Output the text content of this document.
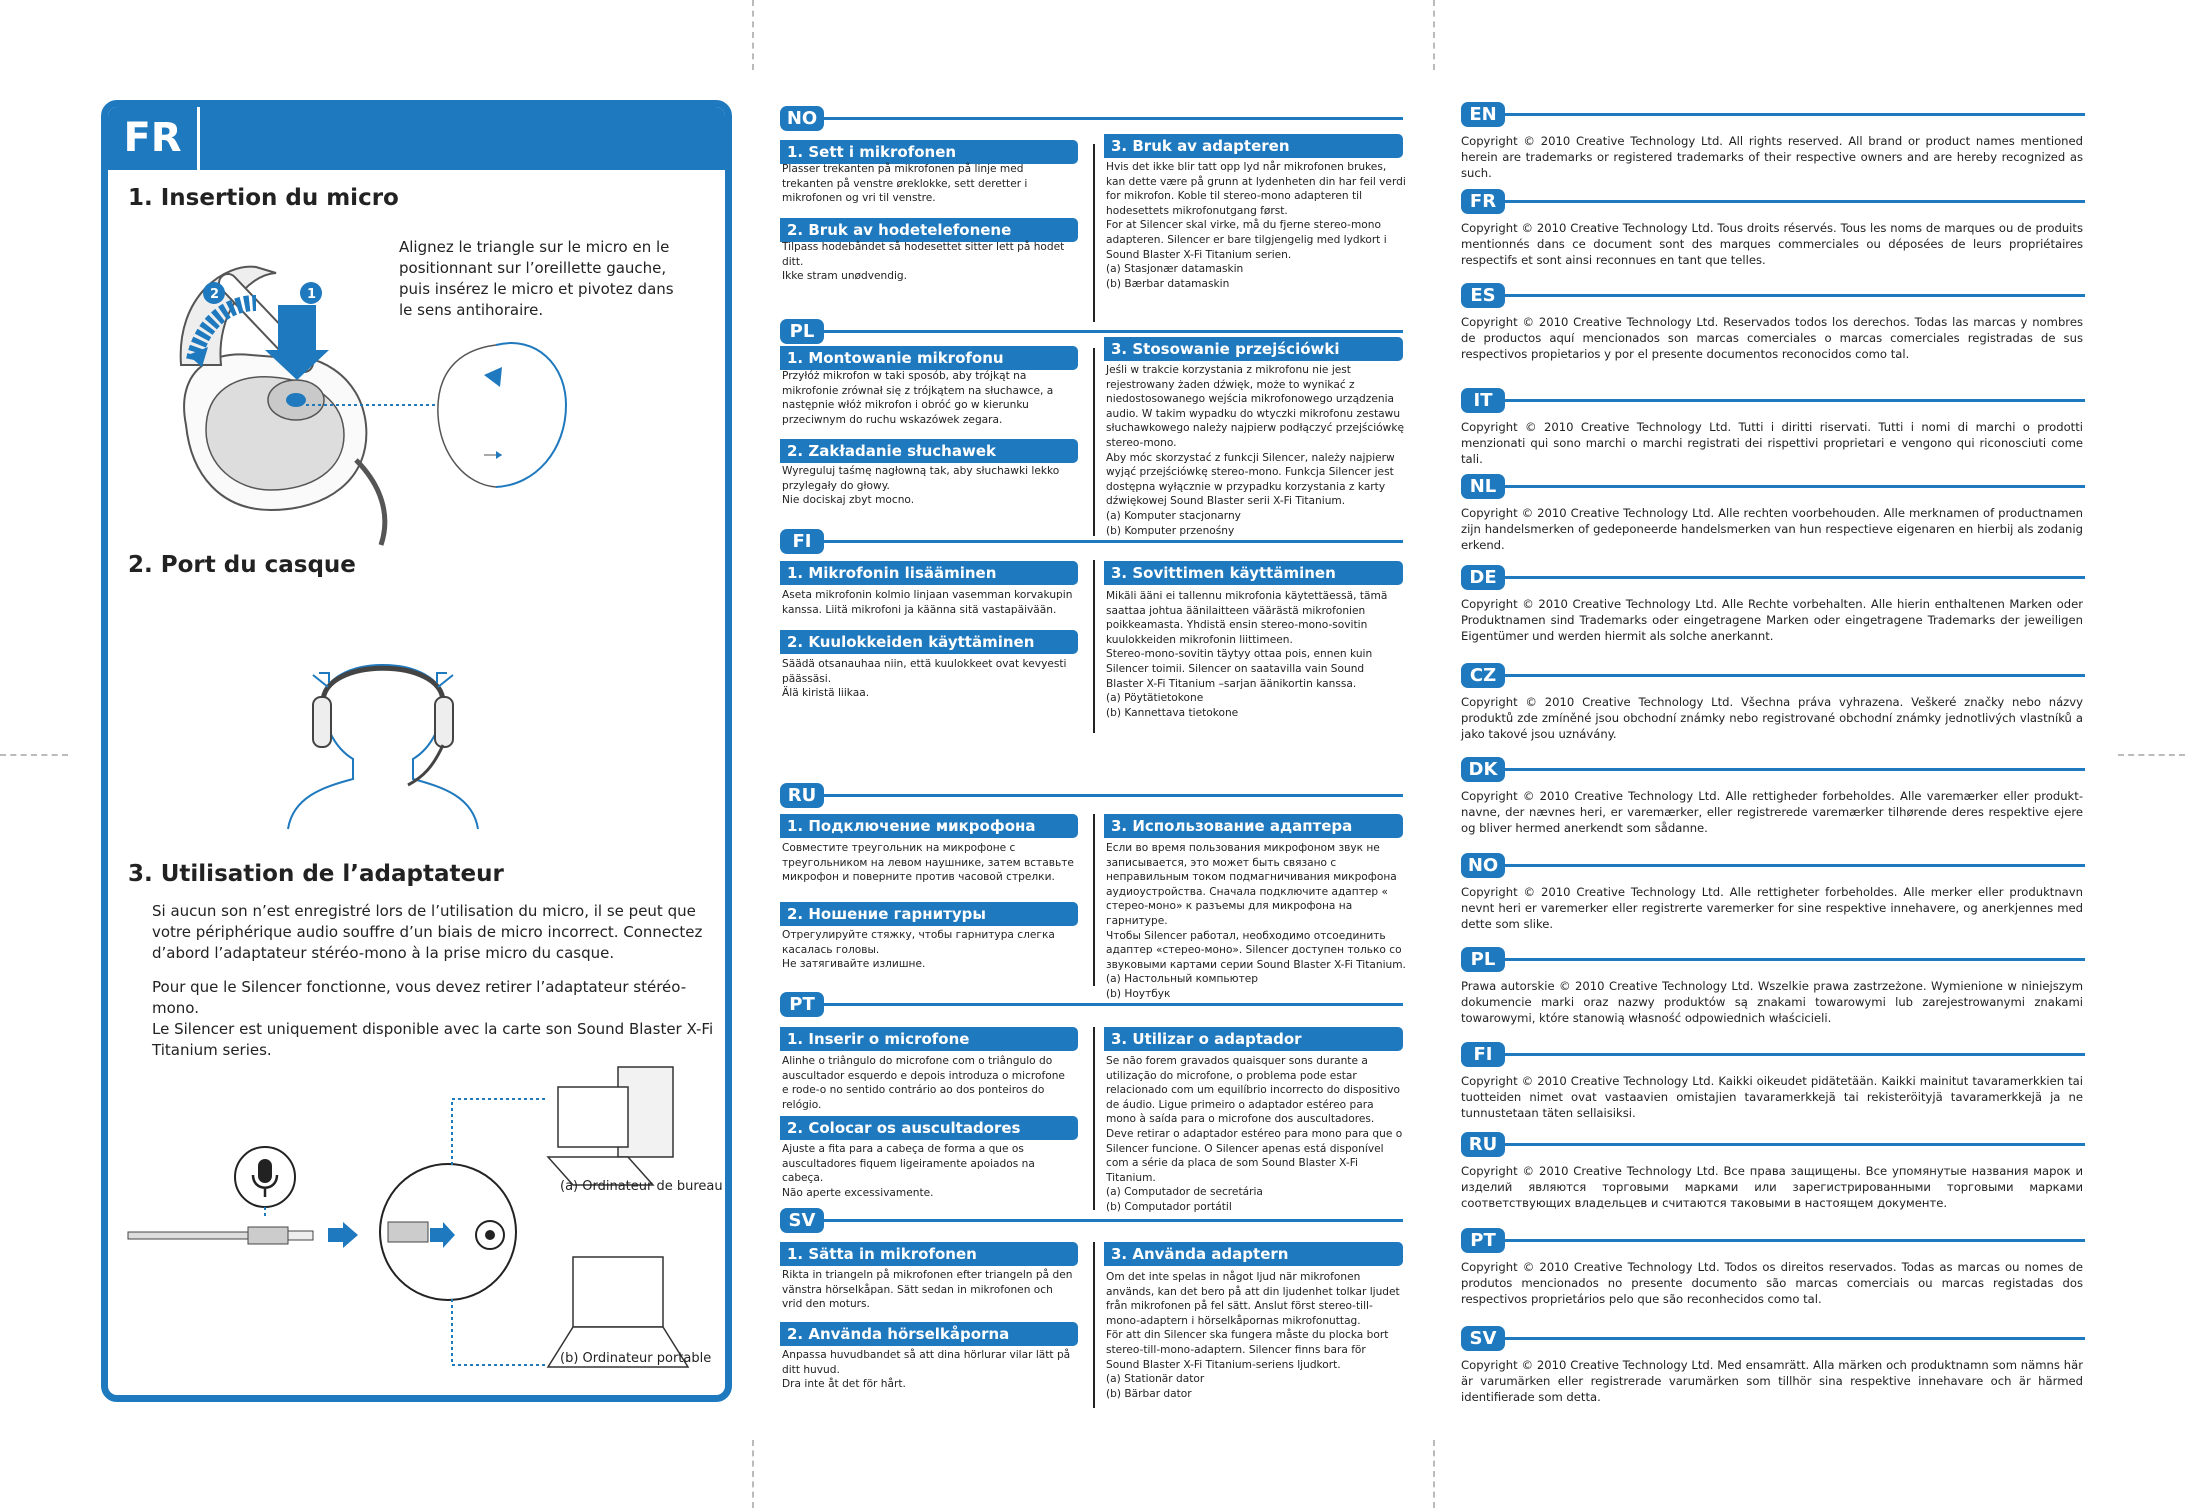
FR
1. Insertion du micro
Alignez le triangle sur le micro en le
positionnant sur l’oreillette gauche,
puis insérez le micro et pivotez dans
le sens antihoraire.
1
2
2. Port du casque
3. Utilisation de l’adaptateur
Si aucun son n’est enregistré lors de l’utilisation du micro, il se peut que
votre périphérique audio souffre d’un biais de micro incorrect. Connectez
d’abord l’adaptateur stéréo-mono à la prise micro du casque.
Pour que le Silencer fonctionne, vous devez retirer l’adaptateur stéréo-mono.
Le Silencer est uniquement disponible avec la carte son Sound Blaster X-Fi
Titanium series.
(a) Ordinateur de bureau
(b) Ordinateur portable
NO
1. Sett i mikrofonen
Plasser trekanten på mikrofonen på linje med
trekanten på venstre øreklokke, sett deretter i
mikrofonen og vri til venstre.
2. Bruk av hodetelefonene
Tilpass hodebåndet så hodesettet sitter lett på hodet
ditt.
Ikke stram unødvendig.
3. Bruk av adapteren
Hvis det ikke blir tatt opp lyd når mikrofonen brukes,
kan dette være på grunn at lydenheten din har feil verdi
for mikrofon. Koble til stereo-mono adapteren til
hodesettets mikrofonutgang først.
For at Silencer skal virke, må du fjerne stereo-mono
adapteren. Silencer er bare tilgjengelig med lydkort i
Sound Blaster X-Fi Titanium serien.
(a) Stasjonær datamaskin
(b) Bærbar datamaskin
PL
1. Montowanie mikrofonu
Przyłóż mikrofon w taki sposób, aby trójkąt na
mikrofonie zrównał się z trójkątem na słuchawce, a
następnie włóż mikrofon i obróć go w kierunku
przeciwnym do ruchu wskazówek zegara.
2. Zakładanie słuchawek
Wyreguluj taśmę nagłowną tak, aby słuchawki lekko
przylegały do głowy.
Nie dociskaj zbyt mocno.
3. Stosowanie przejściówki
Jeśli w trakcie korzystania z mikrofonu nie jest
rejestrowany żaden dźwięk, może to wynikać z
niedostosowanego wejścia mikrofonowego urządzenia
audio. W takim wypadku do wtyczki mikrofonu zestawu
słuchawkowego należy najpierw podłączyć przejściówkę
stereo-mono.
Aby móc skorzystać z funkcji Silencer, należy najpierw
wyjąć przejściówkę stereo-mono. Funkcja Silencer jest
dostępna wyłącznie w przypadku korzystania z karty
dźwiękowej Sound Blaster serii X-Fi Titanium.
(a) Komputer stacjonarny
(b) Komputer przenośny
FI
1. Mikrofonin lisääminen
Aseta mikrofonin kolmio linjaan vasemman korvakupin
kanssa. Liitä mikrofoni ja käänna sitä vastapäivään.
2. Kuulokkeiden käyttäminen
Säädä otsanauhaa niin, että kuulokkeet ovat kevyesti
päässäsi.
Älä kiristä liikaa.
3. Sovittimen käyttäminen
Mikäli ääni ei tallennu mikrofonia käytettäessä, tämä
saattaa johtua äänilaitteen väärästä mikrofonien
poikkeamasta. Yhdistä ensin stereo-mono-sovitin
kuulokkeiden mikrofonin liittimeen.
Stereo-mono-sovitin täytyy ottaa pois, ennen kuin
Silencer toimii. Silencer on saatavilla vain Sound
Blaster X-Fi Titanium –sarjan äänikortin kanssa.
(a) Pöytätietokone
(b) Kannettava tietokone
RU
1. Подключение микрофона
Совместите треугольник на микрофоне с
треугольником на левом наушнике, затем вставьте
микрофон и поверните против часовой стрелки.
2. Ношение гарнитуры
Отрегулируйте стяжку, чтобы гарнитура слегка
касалась головы.
Не затягивайте излишне.
3. Использование адаптера
Если во время пользования микрофоном звук не
записывается, это может быть связано с
неправильным током подмагничивания микрофона
аудиоустройства. Сначала подключите адаптер «
стерео-моно» к разъемы для микрофона на
гарнитуре.
Чтобы Silencer работал, необходимо отсоединить
адаптер «стерео-моно». Silencer доступен только со
звуковыми картами серии Sound Blaster X-Fi Titanium.
(a) Настольный компьютер
(b) Ноутбук
PT
1. Inserir o microfone
Alinhe o triângulo do microfone com o triângulo do
auscultador esquerdo e depois introduza o microfone
e rode-o no sentido contrário ao dos ponteiros do
relógio.
2. Colocar os auscultadores
Ajuste a fita para a cabeça de forma a que os
auscultadores fiquem ligeiramente apoiados na
cabeça.
Não aperte excessivamente.
3. Utilizar o adaptador
Se não forem gravados quaisquer sons durante a
utilização do microfone, o problema pode estar
relacionado com um equilíbrio incorrecto do dispositivo
de áudio. Ligue primeiro o adaptador estéreo para
mono à saída para o microfone dos auscultadores.
Deve retirar o adaptador estéreo para mono para que o
Silencer funcione. O Silencer apenas está disponível
com a série da placa de som Sound Blaster X-Fi
Titanium.
(a) Computador de secretária
(b) Computador portátil
SV
1. Sätta in mikrofonen
Rikta in triangeln på mikrofonen efter triangeln på den
vänstra hörselkåpan. Sätt sedan in mikrofonen och
vrid den moturs.
2. Använda hörselkåporna
Anpassa huvudbandet så att dina hörlurar vilar lätt på
ditt huvud.
Dra inte åt det för hårt.
3. Använda adaptern
Om det inte spelas in något ljud när mikrofonen
används, kan det bero på att din ljudenhet tolkar ljudet
från mikrofonen på fel sätt. Anslut först stereo-till-
mono-adaptern i hörselkåpornas mikrofonuttag.
För att din Silencer ska fungera måste du plocka bort
stereo-till-mono-adaptern. Silencer finns bara för
Sound Blaster X-Fi Titanium-seriens ljudkort.
(a) Stationär dator
(b) Bärbar dator
EN
Copyright © 2010 Creative Technology Ltd. All rights reserved. All brand or product names mentioned herein are trademarks or registered trademarks of their respective owners and are hereby recognized as such.
FR
Copyright © 2010 Creative Technology Ltd. Tous droits réservés. Tous les noms de marques ou de produits mentionnés dans ce document sont des marques commerciales ou déposées de leurs propriétaires respectifs et sont ainsi reconnues en tant que telles.
ES
Copyright © 2010 Creative Technology Ltd. Reservados todos los derechos. Todas las marcas y nombres de productos aquí mencionados son marcas comerciales o marcas comerciales registradas de sus respectivos propietarios y por el presente documentos reconocidos como tal.
IT
Copyright © 2010 Creative Technology Ltd. Tutti i diritti riservati. Tutti i nomi di marchi o prodotti menzionati qui sono marchi o marchi registrati dei rispettivi proprietari e vengono qui riconosciuti come tali.
NL
Copyright © 2010 Creative Technology Ltd. Alle rechten voorbehouden. Alle merknamen of productnamen zijn handelsmerken of gedeponeerde handelsmerken van hun respectieve eigenaren en hierbij als zodanig erkend.
DE
Copyright © 2010 Creative Technology Ltd. Alle Rechte vorbehalten. Alle hierin enthaltenen Marken oder Produktnamen sind Trademarks oder eingetragene Marken oder eingetragene Trademarks der jeweiligen Eigentümer und werden hiermit als solche anerkannt.
CZ
Copyright © 2010 Creative Technology Ltd. Všechna práva vyhrazena. Veškeré značky nebo názvy produktů zde zmíněné jsou obchodní známky nebo registrované obchodní známky jednotlivých vlastníků a jako takové jsou uznávány.
DK
Copyright © 2010 Creative Technology Ltd. Alle rettigheder forbeholdes. Alle varemærker eller produkt-navne, der nævnes heri, er varemærker, eller registrerede varemærker tilhørende deres respektive ejere og bliver hermed anerkendt som sådanne.
NO
Copyright © 2010 Creative Technology Ltd. Alle rettigheter forbeholdes. Alle merker eller produktnavn nevnt heri er varemerker eller registrerte varemerker for sine respektive innehavere, og anerkjennes med dette som slike.
PL
Prawa autorskie © 2010 Creative Technology Ltd. Wszelkie prawa zastrzeżone. Wymienione w niniejszym dokumencie marki oraz nazwy produktów są znakami towarowymi lub zarejestrowanymi znakami towarowymi, które stanowią własność odpowiednich właścicieli.
FI
Copyright © 2010 Creative Technology Ltd. Kaikki oikeudet pidätetään. Kaikki mainitut tavaramerkkien tai tuotteiden nimet ovat vastaavien omistajien tavaramerkkejä tai rekisteröityjä tavaramerkkejä ja ne tunnustetaan täten sellaisiksi.
RU
Copyright © 2010 Creative Technology Ltd. Все права защищены. Все упомянутые названия марок и изделий являются торговыми марками или зарегистрированными торговыми марками соответствующих владельцев и считаются таковыми в настоящем документе.
PT
Copyright © 2010 Creative Technology Ltd. Todos os direitos reservados. Todas as marcas ou nomes de produtos mencionados no presente documento são marcas comerciais ou marcas registadas dos respectivos proprietários pelo que são reconhecidos como tal.
SV
Copyright © 2010 Creative Technology Ltd. Med ensamrätt. Alla märken och produktnamn som nämns här är varumärken eller registrerade varumärken som tillhör sina respektive innehavare och är härmed identifierade som detta.
